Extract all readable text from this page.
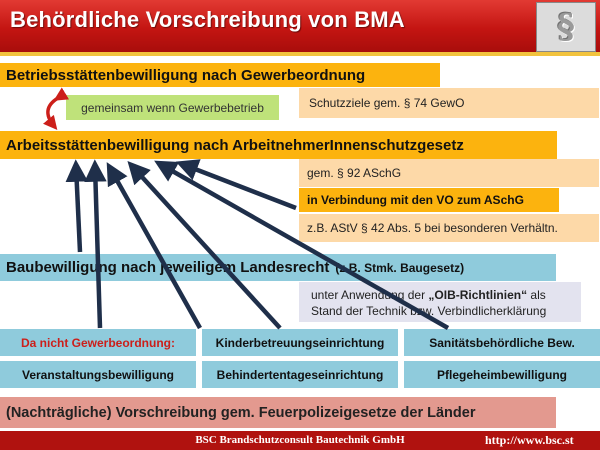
Behördliche Vorschreibung von BMA	§
Betriebsstättenbewilligung nach Gewerbeordnung
gemeinsam wenn Gewerbebetrieb	Schutzziele gem. § 74 GewO
Arbeitsstättenbewilligung nach ArbeitnehmerInnenschutzgesetz
gem. § 92 ASchG
in Verbindung mit den VO zum ASchG
z.B. AStV § 42 Abs. 5 bei besonderen Verhältn.
Baubewilligung nach jeweiligem Landesrecht (z.B. Stmk. Baugesetz)
unter Anwendung der „OIB-Richtlinien“ als
Stand der Technik bzw. Verbindlicherklärung
Da nicht Gewerbeordnung:	Kinderbetreuungseinrichtung	Sanitätsbehördliche Bew.
Veranstaltungsbewilligung	Behindertentageseinrichtung	Pflegeheimbewilligung
(Nachträgliche) Vorschreibung gem. Feuerpolizeigesetze der Länder
BSC Brandschutzconsult Bautechnik GmbH	http://www.bsc.st
